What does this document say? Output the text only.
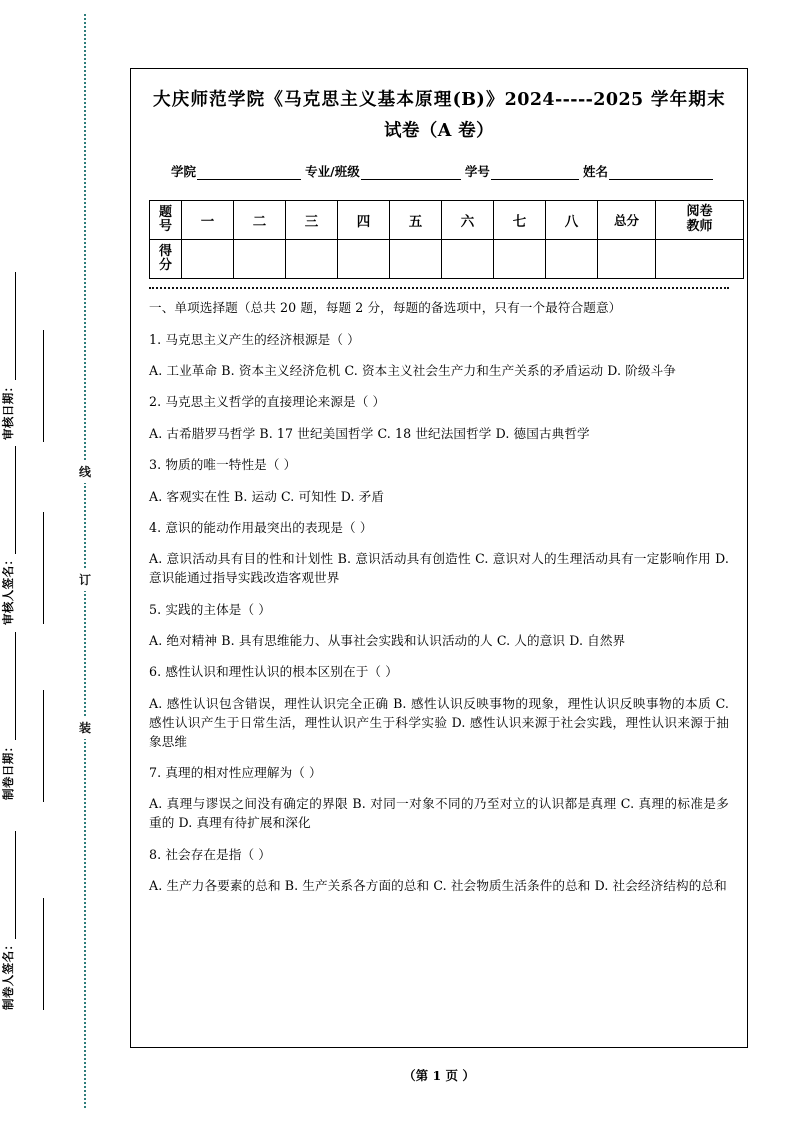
审核日期：
审核人签名：
制卷日期：
制卷人签名：
线
订
装
大庆师范学院《马克思主义基本原理(B)》2024-----2025 学年期末
试卷（A 卷）
学院	专业/班级	学号	姓名
题
号	一	二	三	四	五	六	七	八	总分	阅卷
教师

得
分										

一、单项选择题（总共 20 题，每题 2 分，每题的备选项中，只有一个最符合题意）

1. 马克思主义产生的经济根源是（ ）

A. 工业革命 B. 资本主义经济危机 C. 资本主义社会生产力和生产关系的矛盾运动 D. 阶级斗争

2. 马克思主义哲学的直接理论来源是（ ）

A. 古希腊罗马哲学 B. 17 世纪美国哲学 C. 18 世纪法国哲学 D. 德国古典哲学

3. 物质的唯一特性是（ ）

A. 客观实在性 B. 运动 C. 可知性 D. 矛盾

4. 意识的能动作用最突出的表现是（ ）

A. 意识活动具有目的性和计划性 B. 意识活动具有创造性 C. 意识对人的生理活动具有一定影响作用 D. 意识能通过指导实践改造客观世界

5. 实践的主体是（ ）

A. 绝对精神 B. 具有思维能力、从事社会实践和认识活动的人 C. 人的意识 D. 自然界

6. 感性认识和理性认识的根本区别在于（ ）

A. 感性认识包含错误，理性认识完全正确 B. 感性认识反映事物的现象，理性认识反映事物的本质 C. 感性认识产生于日常生活，理性认识产生于科学实验 D. 感性认识来源于社会实践，理性认识来源于抽象思维

7. 真理的相对性应理解为（ ）

A. 真理与谬误之间没有确定的界限 B. 对同一对象不同的乃至对立的认识都是真理 C. 真理的标准是多重的 D. 真理有待扩展和深化

8. 社会存在是指（ ）

A. 生产力各要素的总和 B. 生产关系各方面的总和 C. 社会物质生活条件的总和 D. 社会经济结构的总和

（第 1 页 ）
